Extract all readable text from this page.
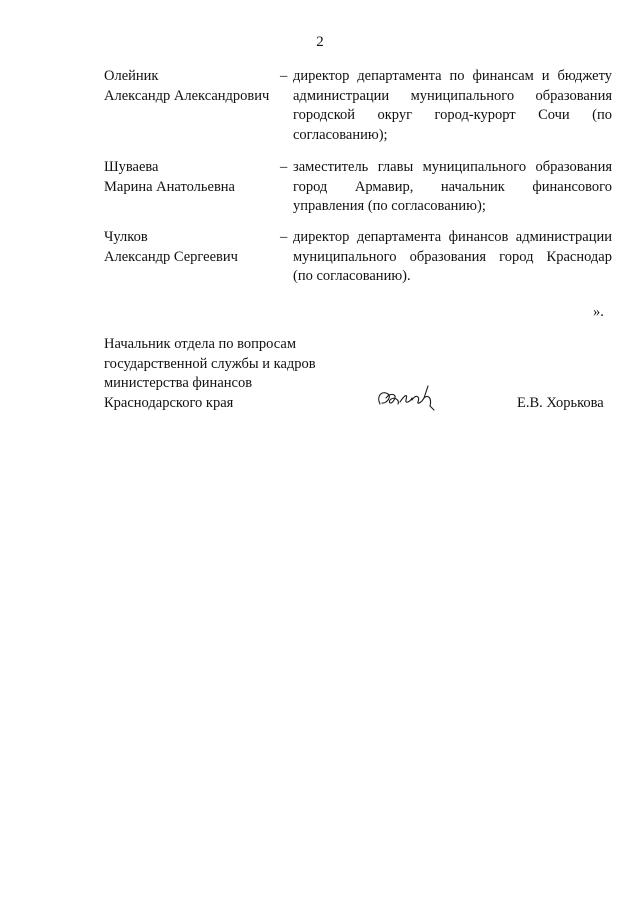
2
Олейник
Александр Александрович
– директор департамента по финансам и бюджету
администрации муниципального образования
городской округ город-курорт Сочи (по
согласованию);
Шуваева
Марина Анатольевна
– заместитель главы муниципального образования
город Армавир, начальник финансового
управления (по согласованию);
Чулков
Александр Сергеевич
– директор департамента финансов администрации
муниципального образования город Краснодар
(по согласованию).
».
Начальник отдела по вопросам
государственной службы и кадров
министерства финансов
Краснодарского края	Е.В. Хорькова
